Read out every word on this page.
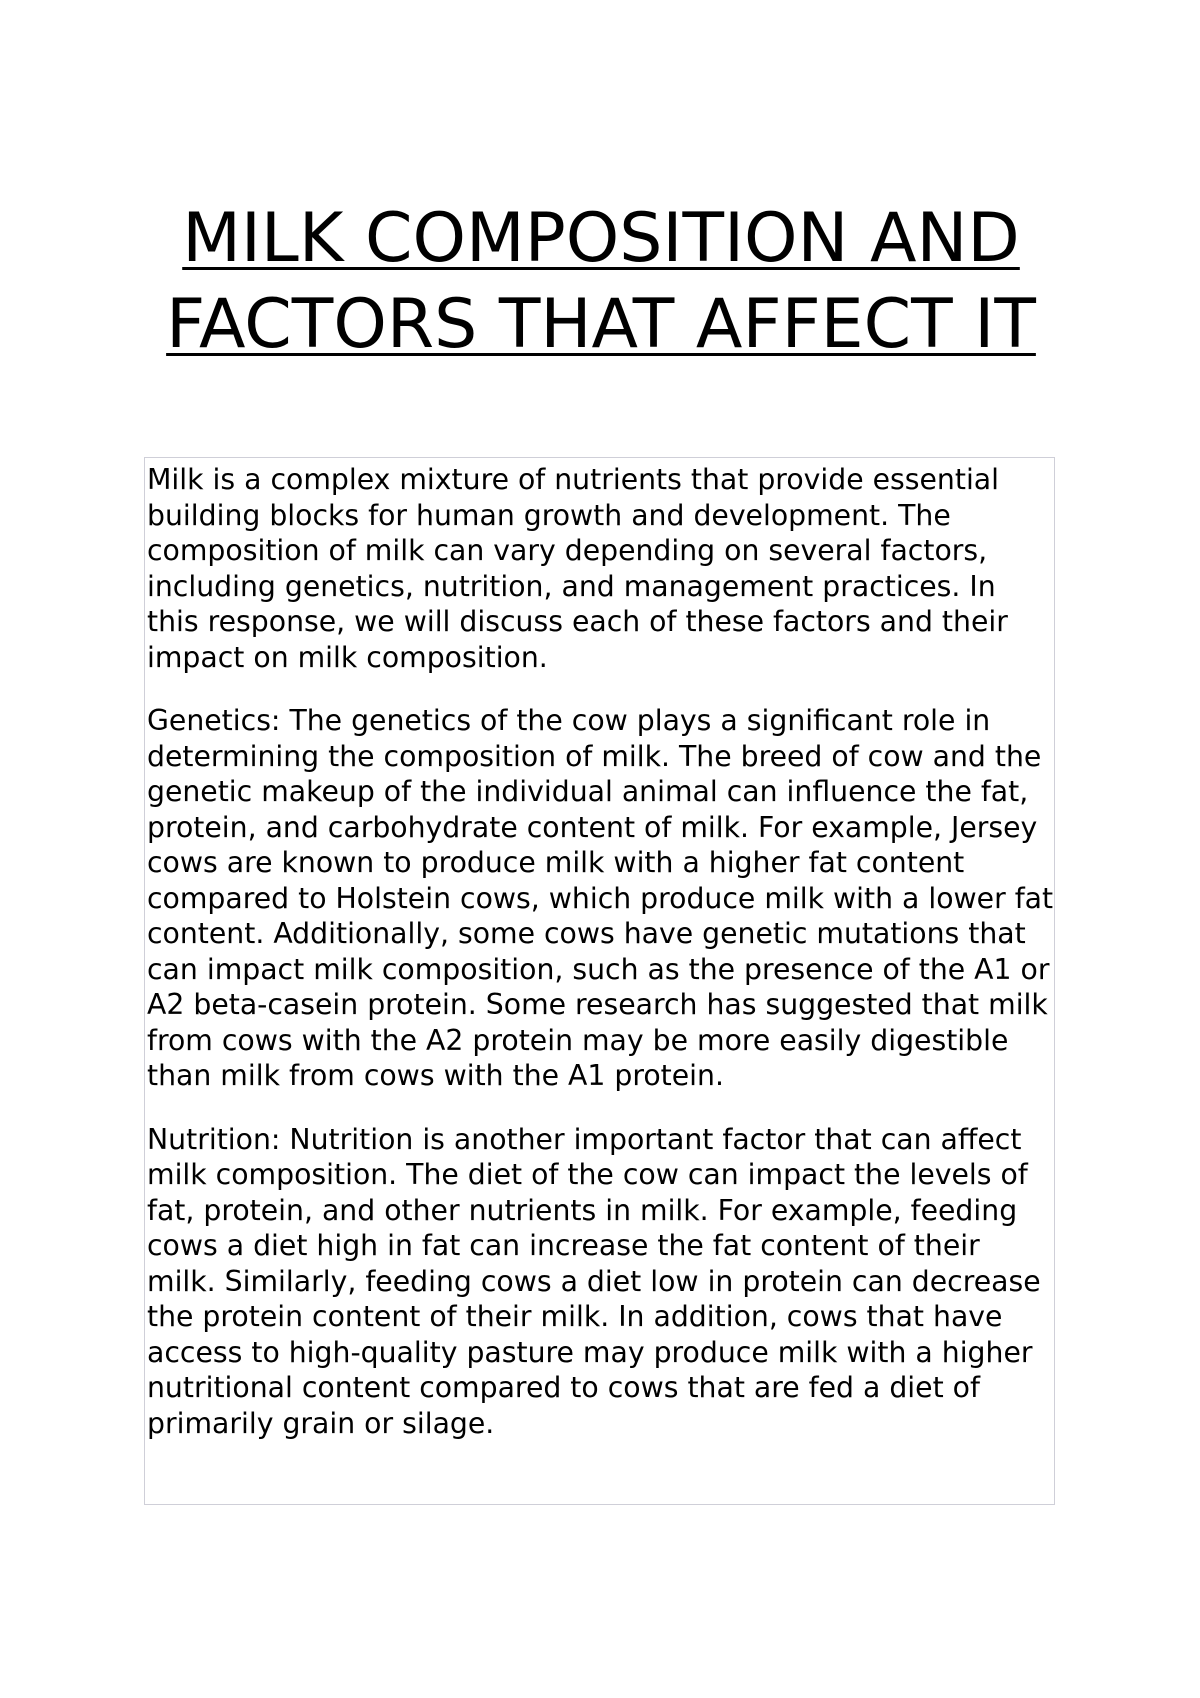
MILK COMPOSITION AND FACTORS THAT AFFECT IT

Milk is a complex mixture of nutrients that provide essential building blocks for human growth and development. The composition of milk can vary depending on several factors, including genetics, nutrition, and management practices. In this response, we will discuss each of these factors and their impact on milk composition.

Genetics: The genetics of the cow plays a significant role in determining the composition of milk. The breed of cow and the genetic makeup of the individual animal can influence the fat, protein, and carbohydrate content of milk. For example, Jersey cows are known to produce milk with a higher fat content compared to Holstein cows, which produce milk with a lower fat content. Additionally, some cows have genetic mutations that can impact milk composition, such as the presence of the A1 or A2 beta-casein protein. Some research has suggested that milk from cows with the A2 protein may be more easily digestible than milk from cows with the A1 protein.

Nutrition: Nutrition is another important factor that can affect milk composition. The diet of the cow can impact the levels of fat, protein, and other nutrients in milk. For example, feeding cows a diet high in fat can increase the fat content of their milk. Similarly, feeding cows a diet low in protein can decrease the protein content of their milk. In addition, cows that have access to high-quality pasture may produce milk with a higher nutritional content compared to cows that are fed a diet of primarily grain or silage.
